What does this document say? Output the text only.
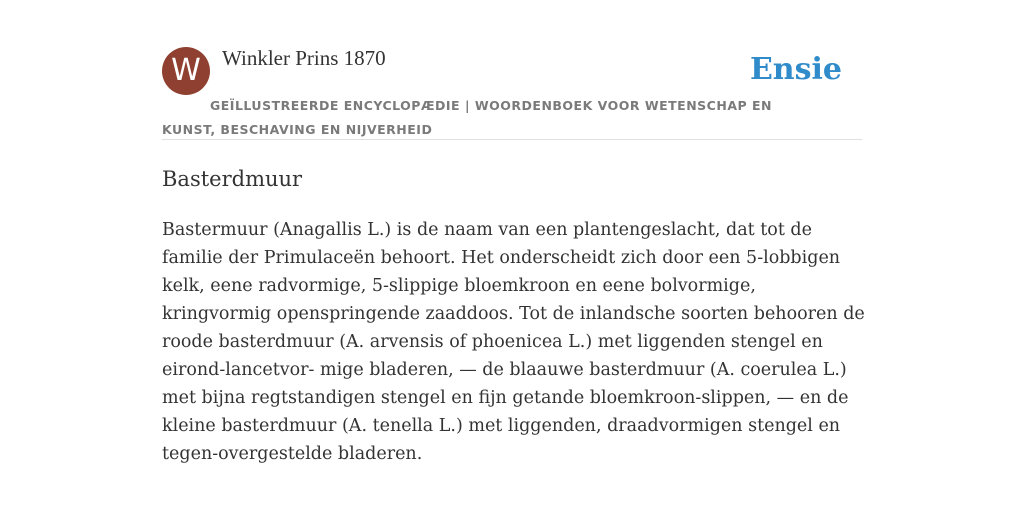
W	Winkler Prins 1870	Ensie
GEÏLLUSTREERDE ENCYCLOPÆDIE | WOORDENBOEK VOOR WETENSCHAP EN KUNST, BESCHAVING EN NIJVERHEID
Basterdmuur

Bastermuur (Anagallis L.) is de naam van een plantengeslacht, dat tot de familie der Primulaceën behoort. Het onderscheidt zich door een 5-lobbigen kelk, eene radvormige, 5-slippige bloemkroon en eene bolvormige, kringvormig openspringende zaaddoos. Tot de inlandsche soorten behooren de roode basterdmuur (A. arvensis of phoenicea L.) met liggenden stengel en eirond-lancetvor- mige bladeren, — de blaauwe basterdmuur (A. coerulea L.) met bijna regtstandigen stengel en fijn getande bloemkroon-slippen, — en de kleine basterdmuur (A. tenella L.) met liggenden, draadvormigen stengel en tegen-overgestelde bladeren.
